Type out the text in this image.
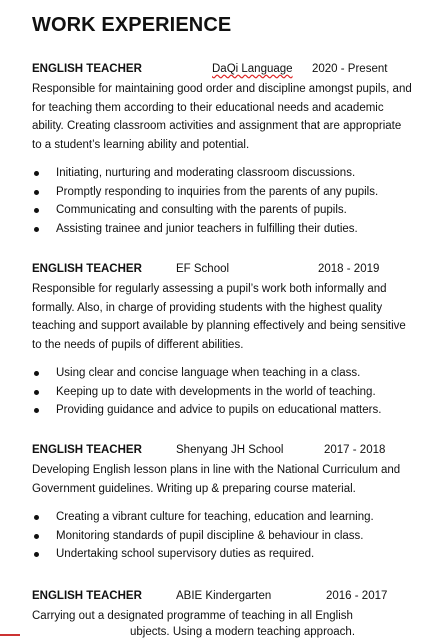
WORK EXPERIENCE
ENGLISH TEACHER	DaQi Language 2020 - Present

Responsible for maintaining good order and discipline amongst pupils, and for teaching them according to their educational needs and academic ability. Creating classroom activities and assignment that are appropriate to a student’s learning ability and potential.

Initiating, nurturing and moderating classroom discussions.
Promptly responding to inquiries from the parents of any pupils.
Communicating and consulting with the parents of pupils.
Assisting trainee and junior teachers in fulfilling their duties.
ENGLISH TEACHER	EF School	2018 - 2019

Responsible for regularly assessing a pupil’s work both informally and formally. Also, in charge of providing students with the highest quality teaching and support available by planning effectively and being sensitive to the needs of pupils of different abilities.

Using clear and concise language when teaching in a class.
Keeping up to date with developments in the world of teaching.
Providing guidance and advice to pupils on educational matters.
ENGLISH TEACHER	Shenyang JH School	2017 - 2018

Developing English lesson plans in line with the National Curriculum and Government guidelines. Writing up & preparing course material.

Creating a vibrant culture for teaching, education and learning.
Monitoring standards of pupil discipline & behaviour in class.
Undertaking school supervisory duties as required.
ENGLISH TEACHER	ABIE Kindergarten	2016 - 2017

Carrying out a designated programme of teaching in all English

ubjects. Using a modern teaching approach.
